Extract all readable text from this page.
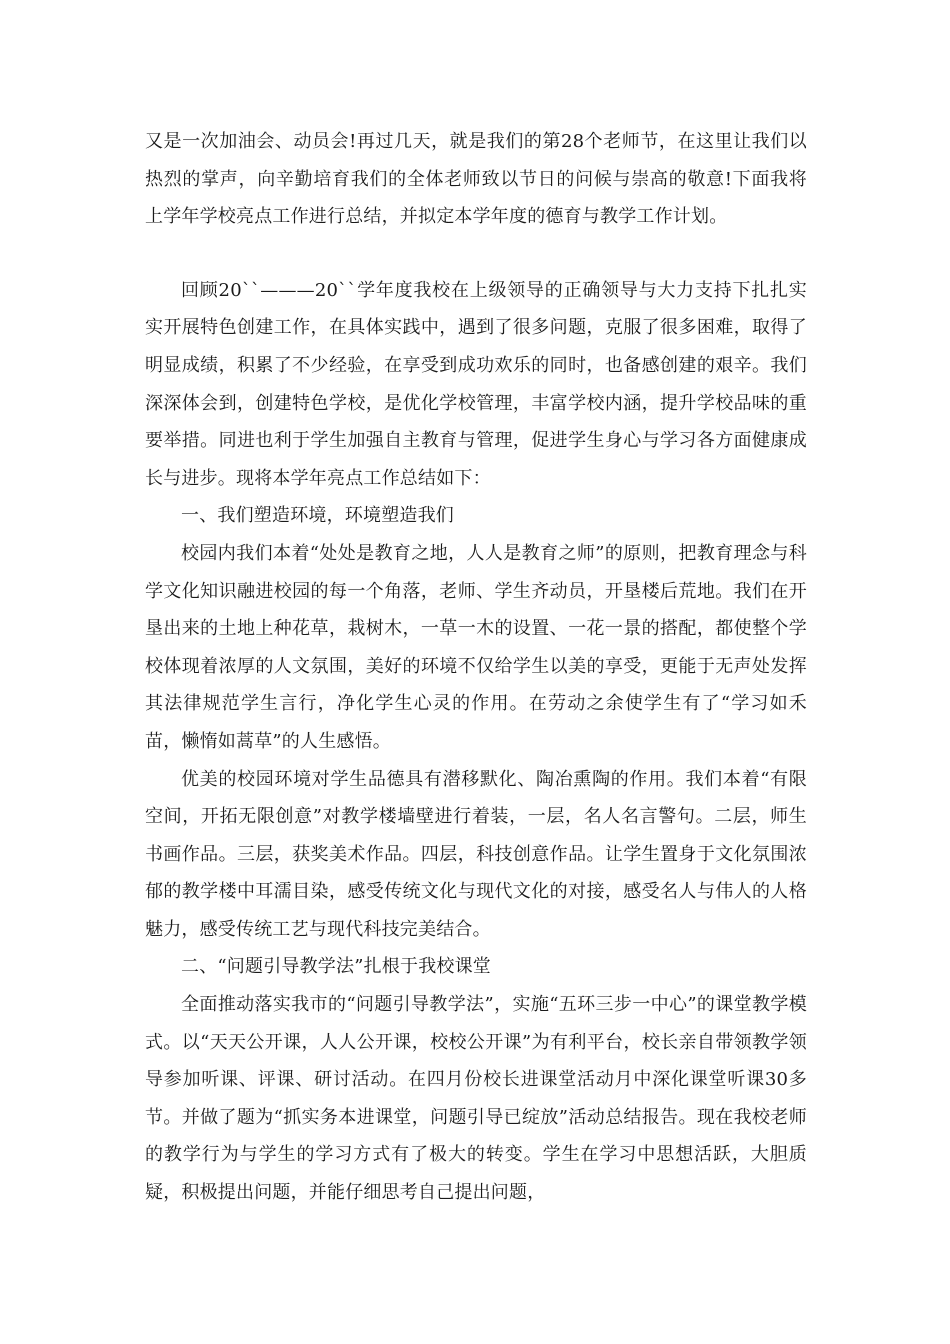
又是一次加油会、动员会!再过几天，就是我们的第28个老师节，在这里让我们以热烈的掌声，向辛勤培育我们的全体老师致以节日的问候与崇高的敬意!下面我将上学年学校亮点工作进行总结，并拟定本学年度的德育与教学工作计划。

回顾20``———20``学年度我校在上级领导的正确领导与大力支持下扎扎实实开展特色创建工作，在具体实践中，遇到了很多问题，克服了很多困难，取得了明显成绩，积累了不少经验，在享受到成功欢乐的同时，也备感创建的艰辛。我们深深体会到，创建特色学校，是优化学校管理，丰富学校内涵，提升学校品味的重要举措。同进也利于学生加强自主教育与管理，促进学生身心与学习各方面健康成长与进步。现将本学年亮点工作总结如下：

一、我们塑造环境，环境塑造我们

校园内我们本着“处处是教育之地，人人是教育之师”的原则，把教育理念与科学文化知识融进校园的每一个角落，老师、学生齐动员，开垦楼后荒地。我们在开垦出来的土地上种花草，栽树木，一草一木的设置、一花一景的搭配，都使整个学校体现着浓厚的人文氛围，美好的环境不仅给学生以美的享受，更能于无声处发挥其法律规范学生言行，净化学生心灵的作用。在劳动之余使学生有了“学习如禾苗，懒惰如蒿草”的人生感悟。

优美的校园环境对学生品德具有潜移默化、陶冶熏陶的作用。我们本着“有限空间，开拓无限创意”对教学楼墙壁进行着装，一层，名人名言警句。二层，师生书画作品。三层，获奖美术作品。四层，科技创意作品。让学生置身于文化氛围浓郁的教学楼中耳濡目染，感受传统文化与现代文化的对接，感受名人与伟人的人格魅力，感受传统工艺与现代科技完美结合。

二、“问题引导教学法”扎根于我校课堂

全面推动落实我市的“问题引导教学法”，实施“五环三步一中心”的课堂教学模式。以“天天公开课，人人公开课，校校公开课”为有利平台，校长亲自带领教学领导参加听课、评课、研讨活动。在四月份校长进课堂活动月中深化课堂听课30多节。并做了题为“抓实务本进课堂，问题引导已绽放”活动总结报告。现在我校老师的教学行为与学生的学习方式有了极大的转变。学生在学习中思想活跃，大胆质疑，积极提出问题，并能仔细思考自己提出问题，
